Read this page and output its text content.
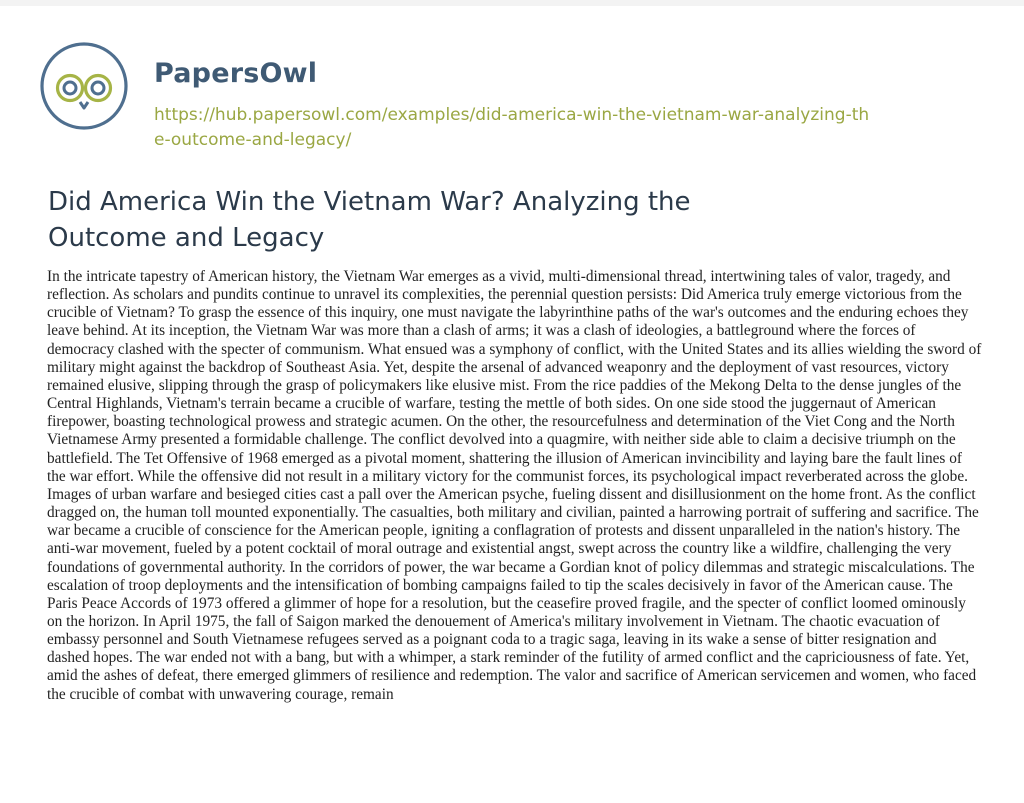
PapersOwl
https://hub.papersowl.com/examples/did-america-win-the-vietnam-war-analyzing-the-outcome-and-legacy/
Did America Win the Vietnam War? Analyzing the Outcome and Legacy

In the intricate tapestry of American history, the Vietnam War emerges as a vivid, multi-dimensional thread, intertwining tales of valor, tragedy, and reflection. As scholars and pundits continue to unravel its complexities, the perennial question persists: Did America truly emerge victorious from the crucible of Vietnam? To grasp the essence of this inquiry, one must navigate the labyrinthine paths of the war's outcomes and the enduring echoes they leave behind. At its inception, the Vietnam War was more than a clash of arms; it was a clash of ideologies, a battleground where the forces of democracy clashed with the specter of communism. What ensued was a symphony of conflict, with the United States and its allies wielding the sword of military might against the backdrop of Southeast Asia. Yet, despite the arsenal of advanced weaponry and the deployment of vast resources, victory remained elusive, slipping through the grasp of policymakers like elusive mist. From the rice paddies of the Mekong Delta to the dense jungles of the Central Highlands, Vietnam's terrain became a crucible of warfare, testing the mettle of both sides. On one side stood the juggernaut of American firepower, boasting technological prowess and strategic acumen. On the other, the resourcefulness and determination of the Viet Cong and the North Vietnamese Army presented a formidable challenge. The conflict devolved into a quagmire, with neither side able to claim a decisive triumph on the battlefield. The Tet Offensive of 1968 emerged as a pivotal moment, shattering the illusion of American invincibility and laying bare the fault lines of the war effort. While the offensive did not result in a military victory for the communist forces, its psychological impact reverberated across the globe. Images of urban warfare and besieged cities cast a pall over the American psyche, fueling dissent and disillusionment on the home front. As the conflict dragged on, the human toll mounted exponentially. The casualties, both military and civilian, painted a harrowing portrait of suffering and sacrifice. The war became a crucible of conscience for the American people, igniting a conflagration of protests and dissent unparalleled in the nation's history. The anti-war movement, fueled by a potent cocktail of moral outrage and existential angst, swept across the country like a wildfire, challenging the very foundations of governmental authority. In the corridors of power, the war became a Gordian knot of policy dilemmas and strategic miscalculations. The escalation of troop deployments and the intensification of bombing campaigns failed to tip the scales decisively in favor of the American cause. The Paris Peace Accords of 1973 offered a glimmer of hope for a resolution, but the ceasefire proved fragile, and the specter of conflict loomed ominously on the horizon. In April 1975, the fall of Saigon marked the denouement of America's military involvement in Vietnam. The chaotic evacuation of embassy personnel and South Vietnamese refugees served as a poignant coda to a tragic saga, leaving in its wake a sense of bitter resignation and dashed hopes. The war ended not with a bang, but with a whimper, a stark reminder of the futility of armed conflict and the capriciousness of fate. Yet, amid the ashes of defeat, there emerged glimmers of resilience and redemption. The valor and sacrifice of American servicemen and women, who faced the crucible of combat with unwavering courage, remain
